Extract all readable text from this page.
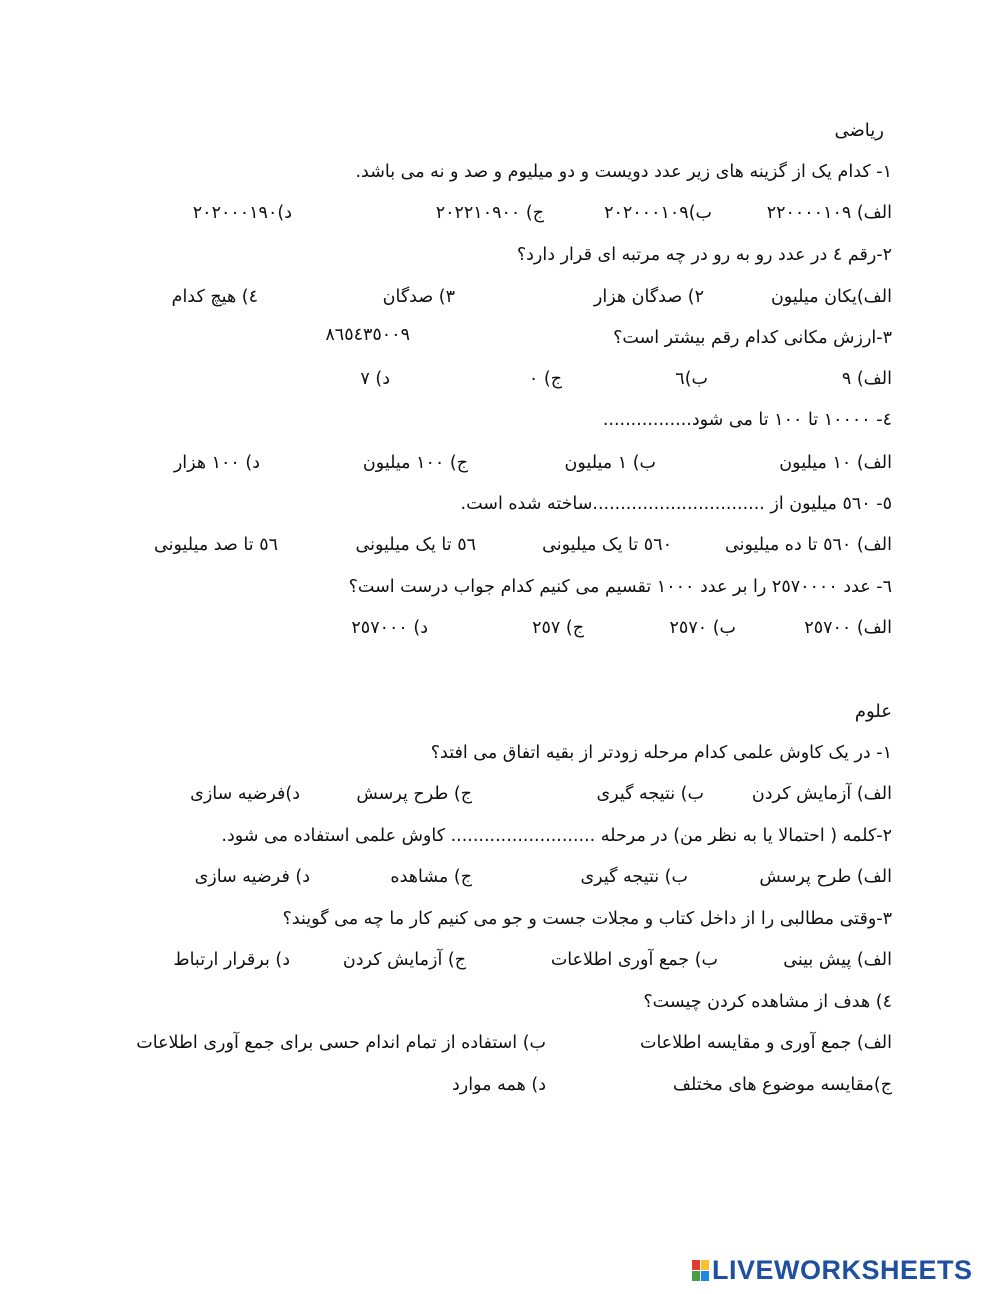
ریاضی
۱- کدام یک از گزینه های زیر عدد دویست و دو میلیوم و صد و نه می باشد.
الف) ۲۲۰۰۰۰۱۰۹
ب)۲۰۲۰۰۰۱۰۹
ج) ۲۰۲۲۱۰۹۰۰
د)۲۰۲۰۰۰۱۹۰
۲-رقم ٤ در عدد رو به رو در چه مرتبه ای قرار دارد؟
الف)یکان میلیون
۲) صدگان هزار
۳) صدگان
٤) هیچ کدام
۳-ارزش مکانی کدام رقم بیشتر است؟
۸٦٥٤۳٥۰۰۹
الف) ۹
ب)٦
ج) ۰
د) ۷
٤- ۱۰۰۰۰ تا ۱۰۰ تا می شود................
الف) ۱۰ میلیون
ب) ۱ میلیون
ج) ۱۰۰ میلیون
د) ۱۰۰ هزار
٥- ٥٦۰ میلیون از ...............................ساخته شده است.
الف) ٥٦۰ تا ده میلیونی
٥٦۰ تا یک میلیونی
٥٦ تا یک میلیونی
٥٦ تا صد میلیونی
٦- عدد ۲٥۷۰۰۰۰ را بر عدد ۱۰۰۰ تقسیم می کنیم کدام جواب درست است؟
الف) ۲٥۷۰۰
ب) ۲٥۷۰
ج) ۲٥۷
د) ۲٥۷۰۰۰
علوم
۱- در یک کاوش علمی کدام مرحله زودتر از بقیه اتفاق می افتد؟
الف) آزمایش کردن
ب) نتیجه گیری
ج) طرح پرسش
د)فرضیه سازی
۲-کلمه ( احتمالا یا به نظر من) در مرحله .......................... کاوش علمی استفاده می شود.
الف) طرح پرسش
ب) نتیجه گیری
ج) مشاهده
د) فرضیه سازی
۳-وقتی مطالبی را از داخل کتاب و مجلات جست و جو می کنیم کار ما چه می گویند؟
الف) پیش بینی
ب) جمع آوری اطلاعات
ج) آزمایش کردن
د) برقرار ارتباط
٤) هدف از مشاهده کردن چیست؟
الف) جمع آوری و مقایسه اطلاعات
ب) استفاده از تمام اندام حسی برای جمع آوری اطلاعات
ج)مقایسه موضوع های مختلف
د) همه موارد
LIVEWORKSHEETS
